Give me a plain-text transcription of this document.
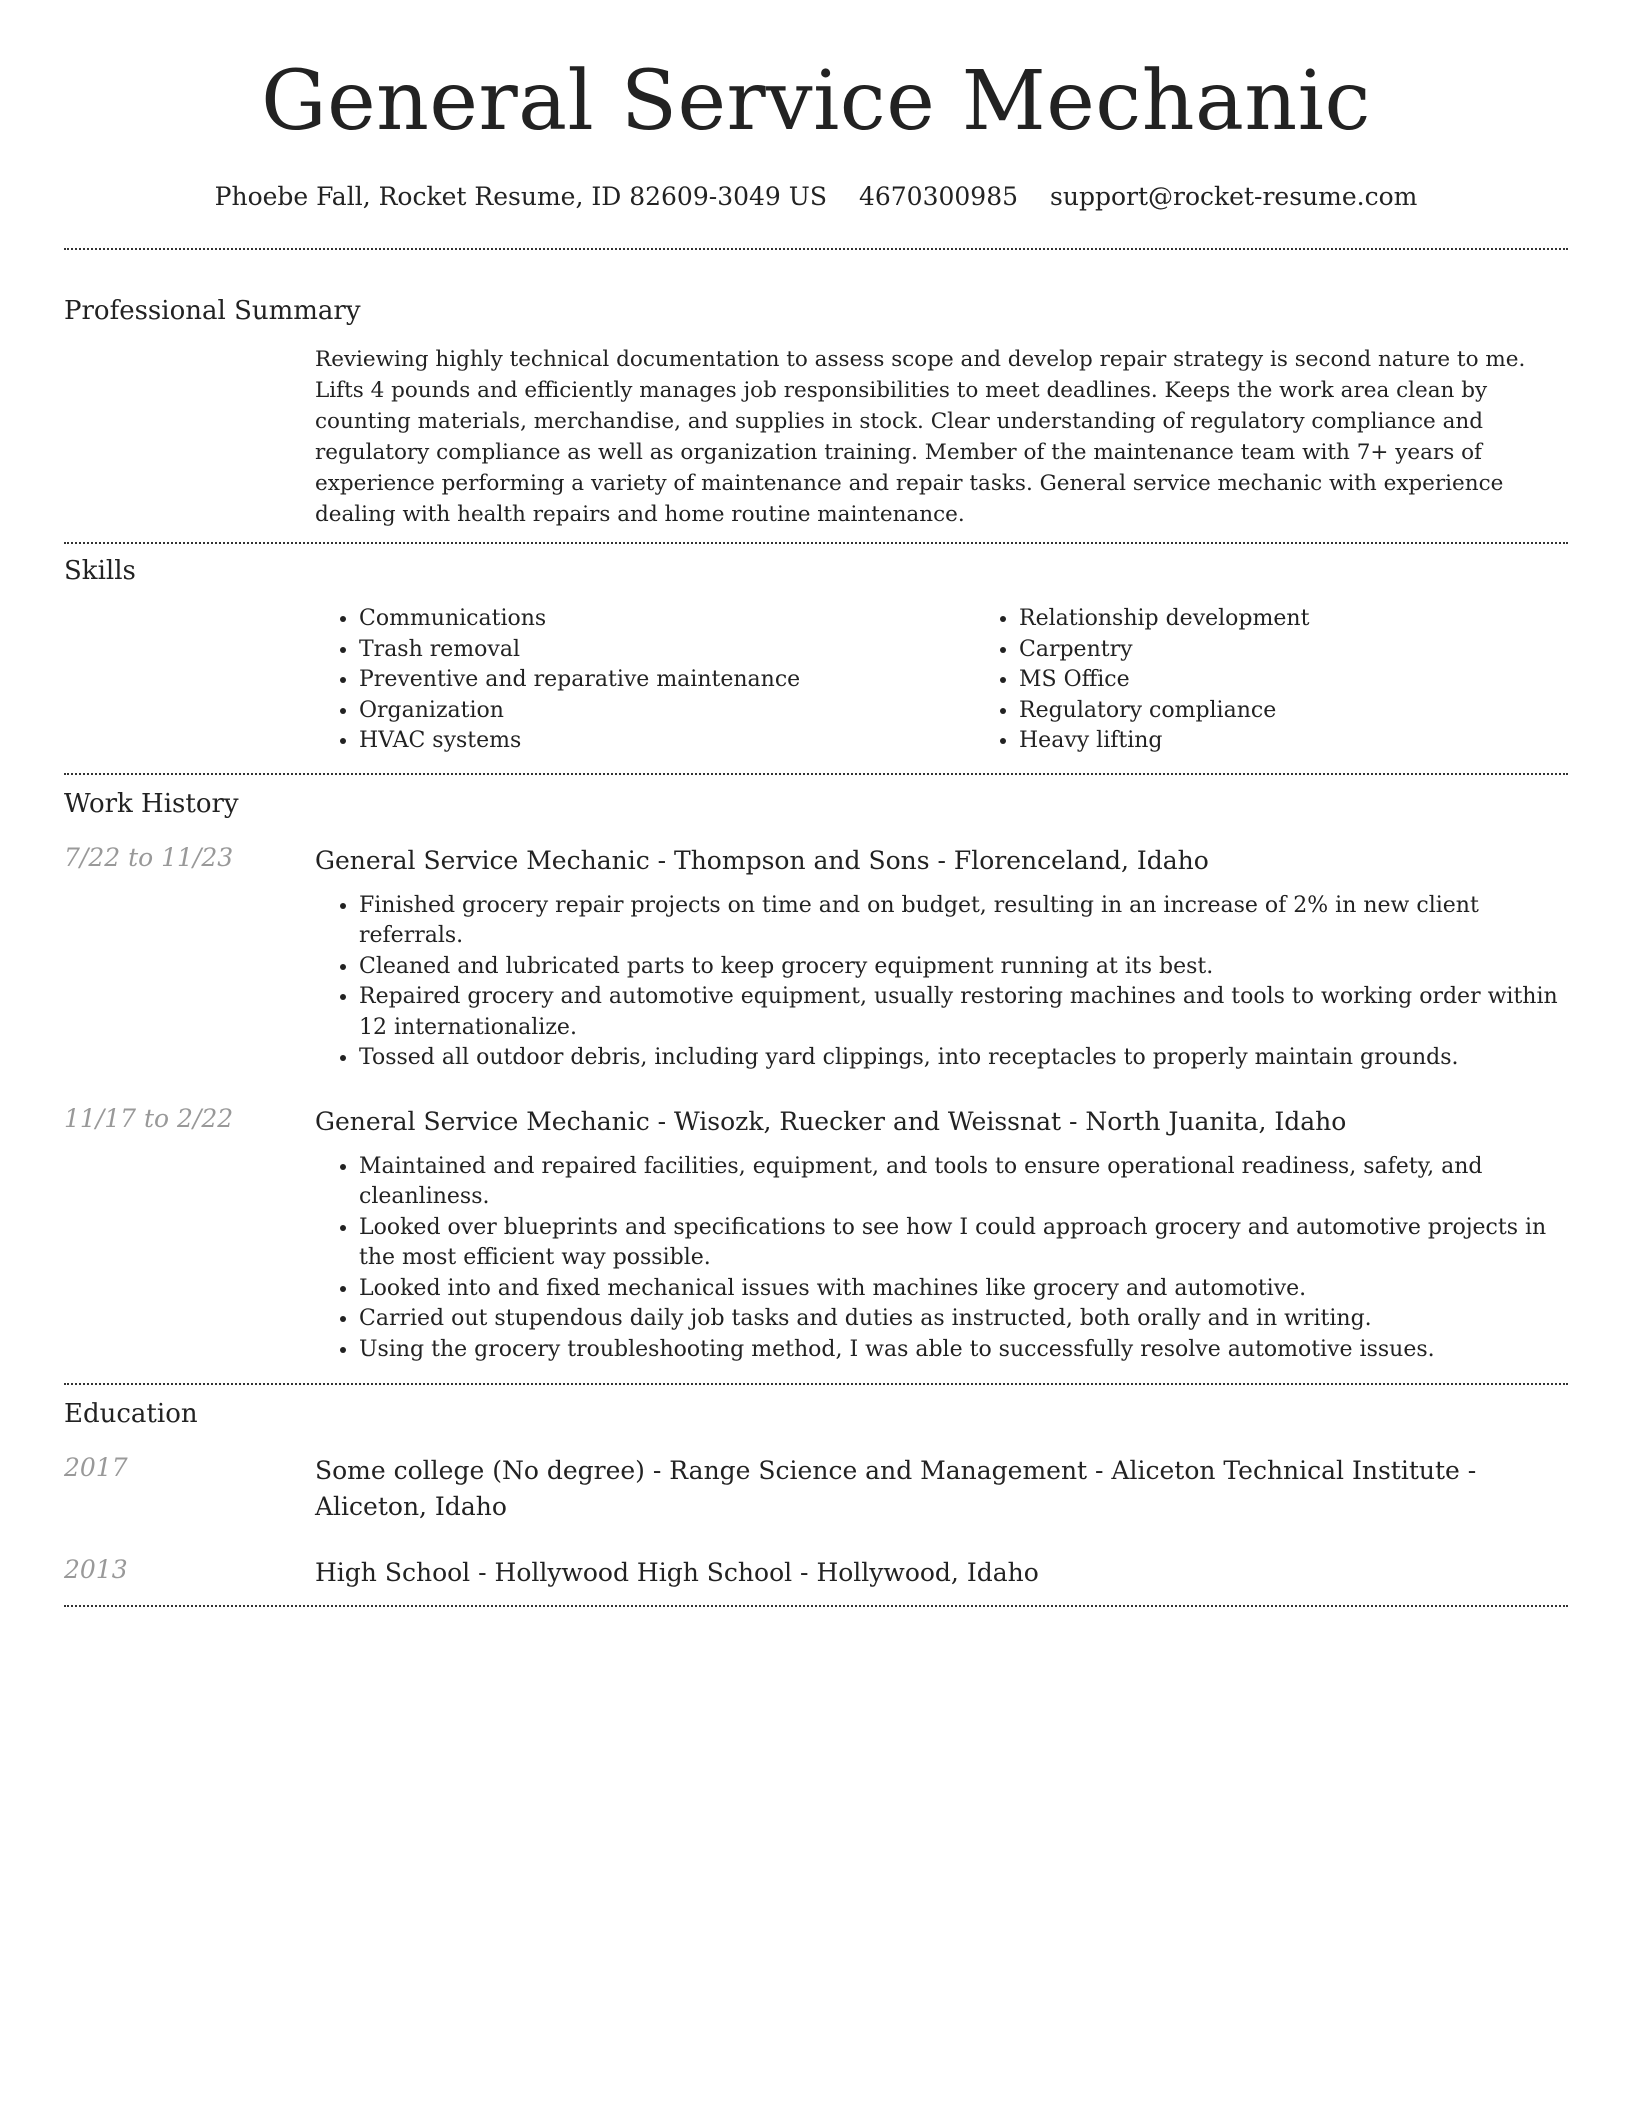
General Service Mechanic
Phoebe Fall, Rocket Resume, ID 82609-3049 US 4670300985 support@rocket-resume.com
Professional Summary
Reviewing highly technical documentation to assess scope and develop repair strategy is second nature to me. Lifts 4 pounds and efficiently manages job responsibilities to meet deadlines. Keeps the work area clean by counting materials, merchandise, and supplies in stock. Clear understanding of regulatory compliance and regulatory compliance as well as organization training. Member of the maintenance team with 7+ years of experience performing a variety of maintenance and repair tasks. General service mechanic with experience dealing with health repairs and home routine maintenance.
Skills
• Communications
• Trash removal
• Preventive and reparative maintenance
• Organization
• HVAC systems
• Relationship development
• Carpentry
• MS Office
• Regulatory compliance
• Heavy lifting
Work History
7/22 to 11/23	General Service Mechanic - Thompson and Sons - Florenceland, Idaho
• Finished grocery repair projects on time and on budget, resulting in an increase of 2% in new client referrals.
• Cleaned and lubricated parts to keep grocery equipment running at its best.
• Repaired grocery and automotive equipment, usually restoring machines and tools to working order within 12 internationalize.
• Tossed all outdoor debris, including yard clippings, into receptacles to properly maintain grounds.
11/17 to 2/22	General Service Mechanic - Wisozk, Ruecker and Weissnat - North Juanita, Idaho
• Maintained and repaired facilities, equipment, and tools to ensure operational readiness, safety, and cleanliness.
• Looked over blueprints and specifications to see how I could approach grocery and automotive projects in the most efficient way possible.
• Looked into and fixed mechanical issues with machines like grocery and automotive.
• Carried out stupendous daily job tasks and duties as instructed, both orally and in writing.
• Using the grocery troubleshooting method, I was able to successfully resolve automotive issues.
Education
2017	Some college (No degree) - Range Science and Management - Aliceton Technical Institute - Aliceton, Idaho
2013	High School - Hollywood High School - Hollywood, Idaho
